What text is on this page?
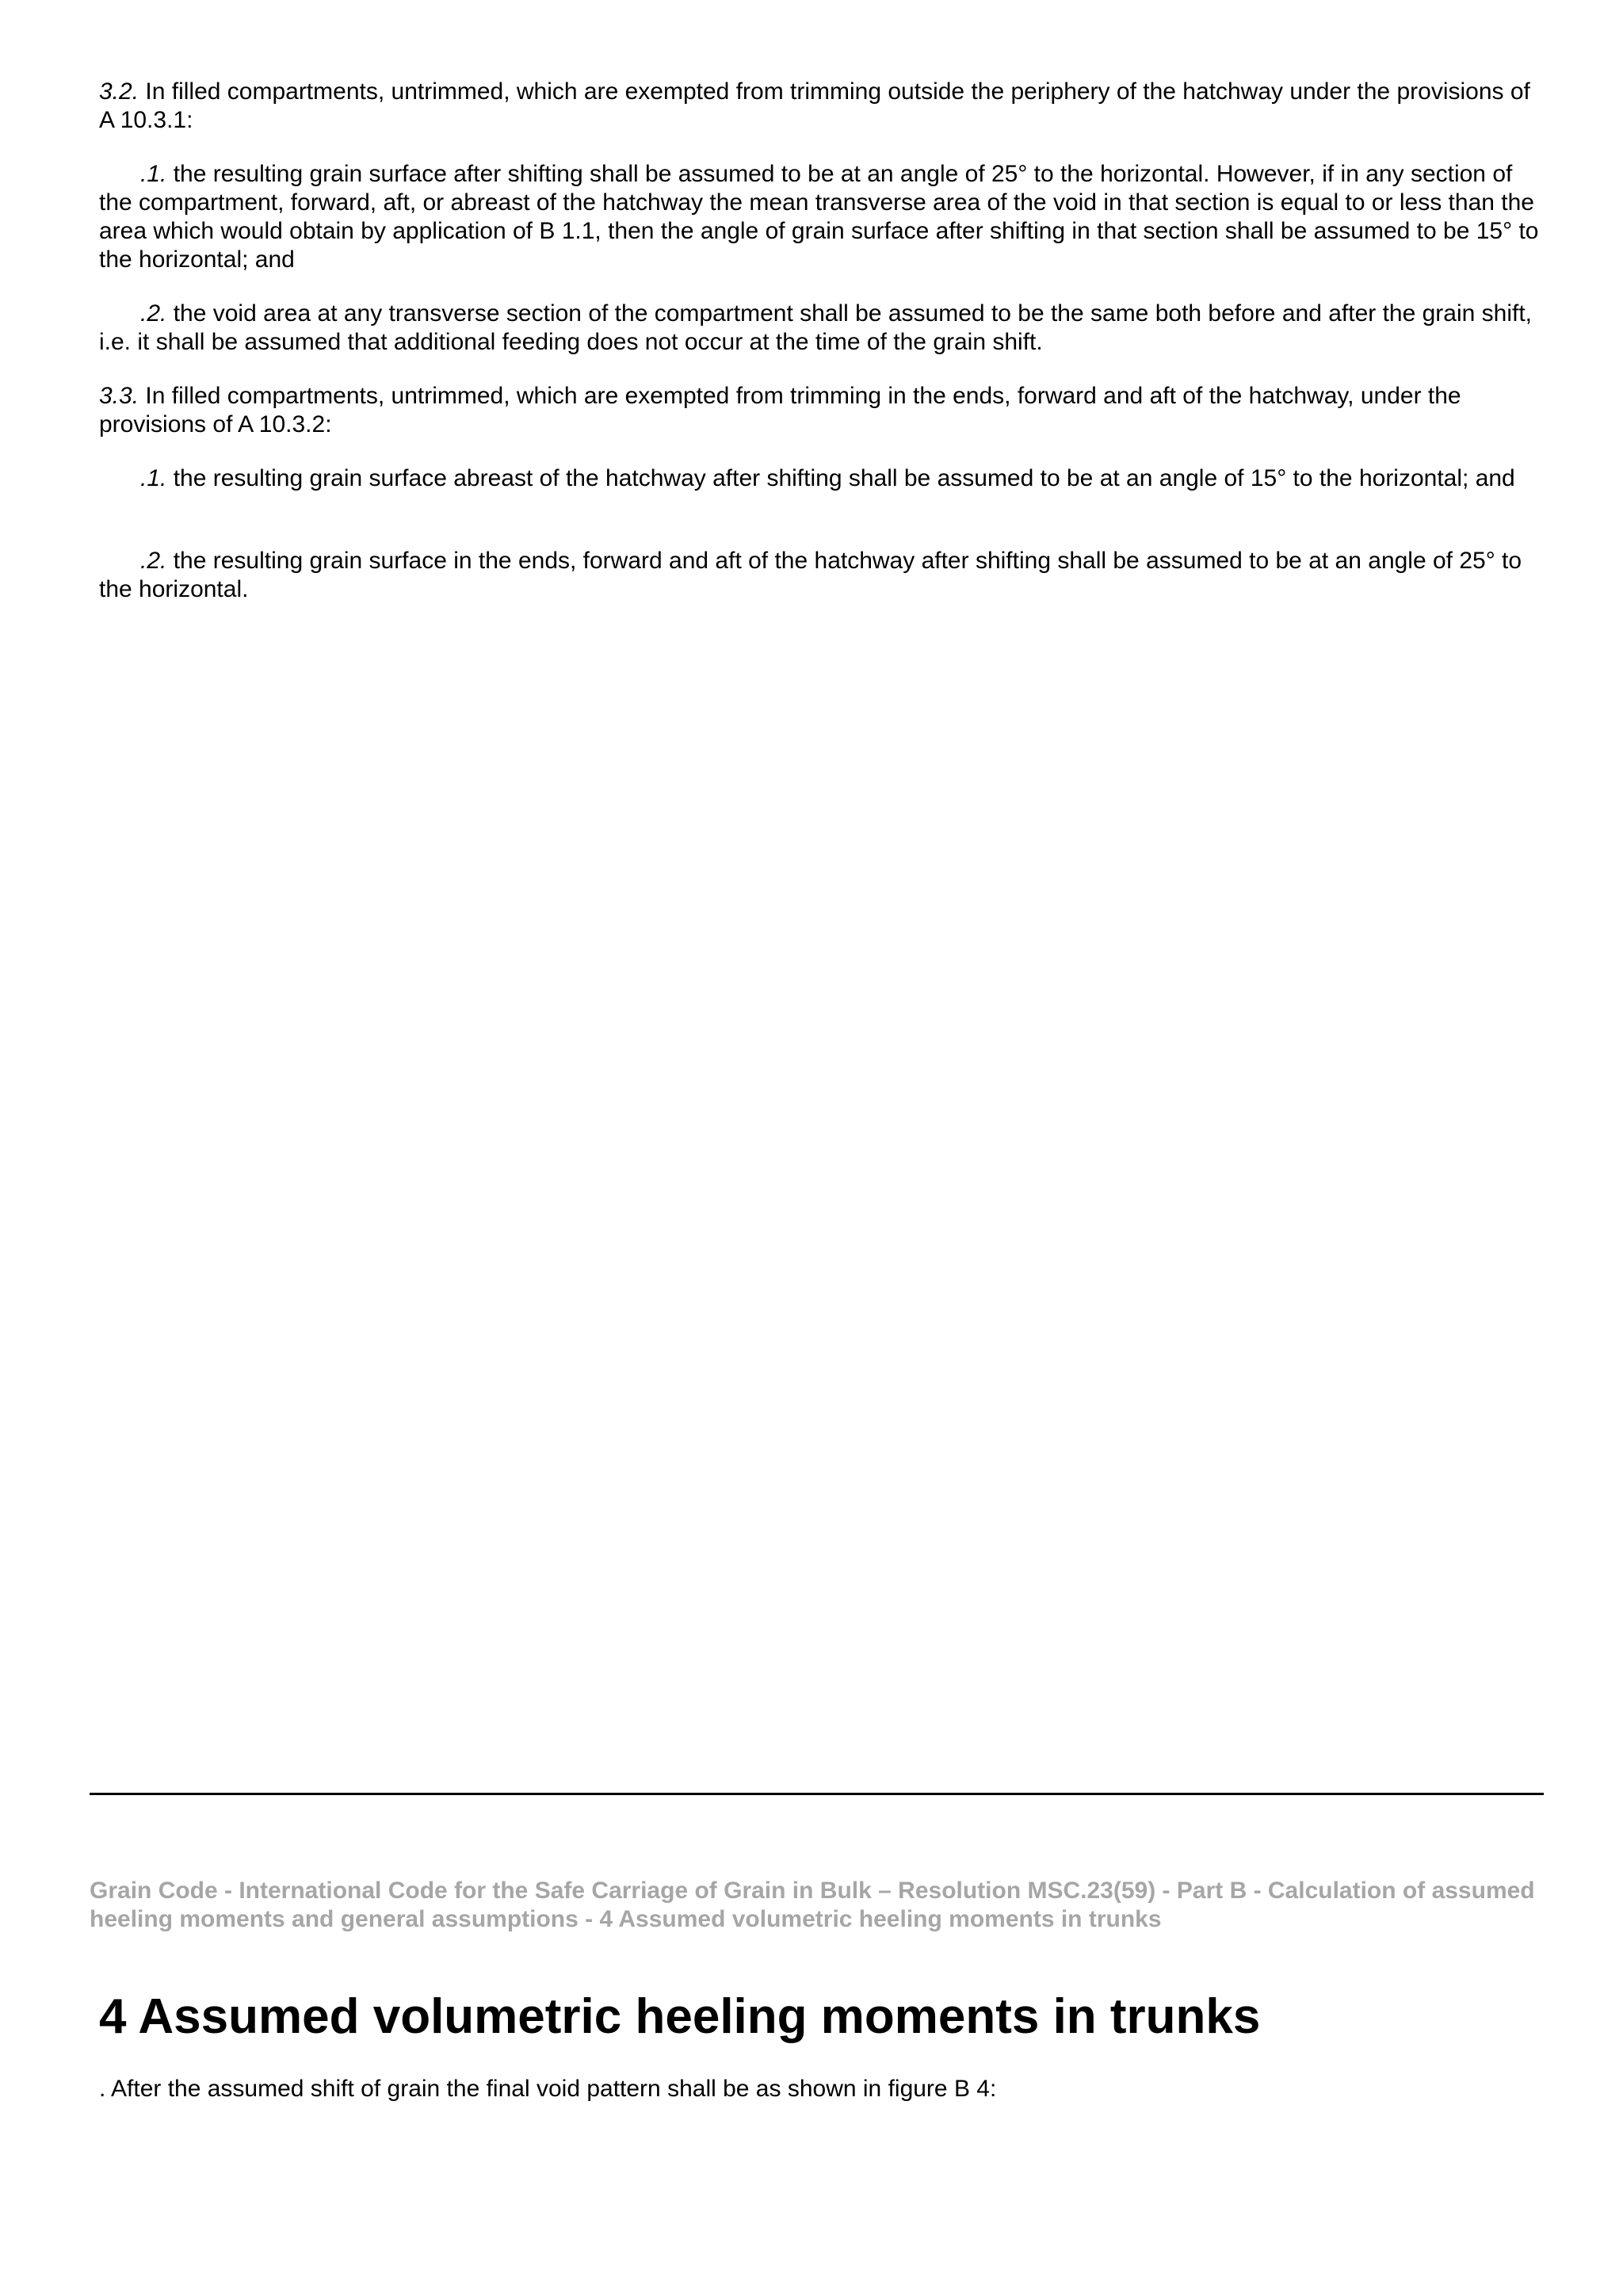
3.2. In filled compartments, untrimmed, which are exempted from trimming outside the periphery of the hatchway under the provisions of A 10.3.1:

.1. the resulting grain surface after shifting shall be assumed to be at an angle of 25° to the horizontal. However, if in any section of the compartment, forward, aft, or abreast of the hatchway the mean transverse area of the void in that section is equal to or less than the area which would obtain by application of B 1.1, then the angle of grain surface after shifting in that section shall be assumed to be 15° to the horizontal; and

.2. the void area at any transverse section of the compartment shall be assumed to be the same both before and after the grain shift, i.e. it shall be assumed that additional feeding does not occur at the time of the grain shift.

3.3. In filled compartments, untrimmed, which are exempted from trimming in the ends, forward and aft of the hatchway, under the provisions of A 10.3.2:

.1. the resulting grain surface abreast of the hatchway after shifting shall be assumed to be at an angle of 15° to the horizontal; and

.2. the resulting grain surface in the ends, forward and aft of the hatchway after shifting shall be assumed to be at an angle of 25° to the horizontal.

Grain Code - International Code for the Safe Carriage of Grain in Bulk – Resolution MSC.23(59) - Part B - Calculation of assumed heeling moments and general assumptions - 4 Assumed volumetric heeling moments in trunks

4 Assumed volumetric heeling moments in trunks

. After the assumed shift of grain the final void pattern shall be as shown in figure B 4:
